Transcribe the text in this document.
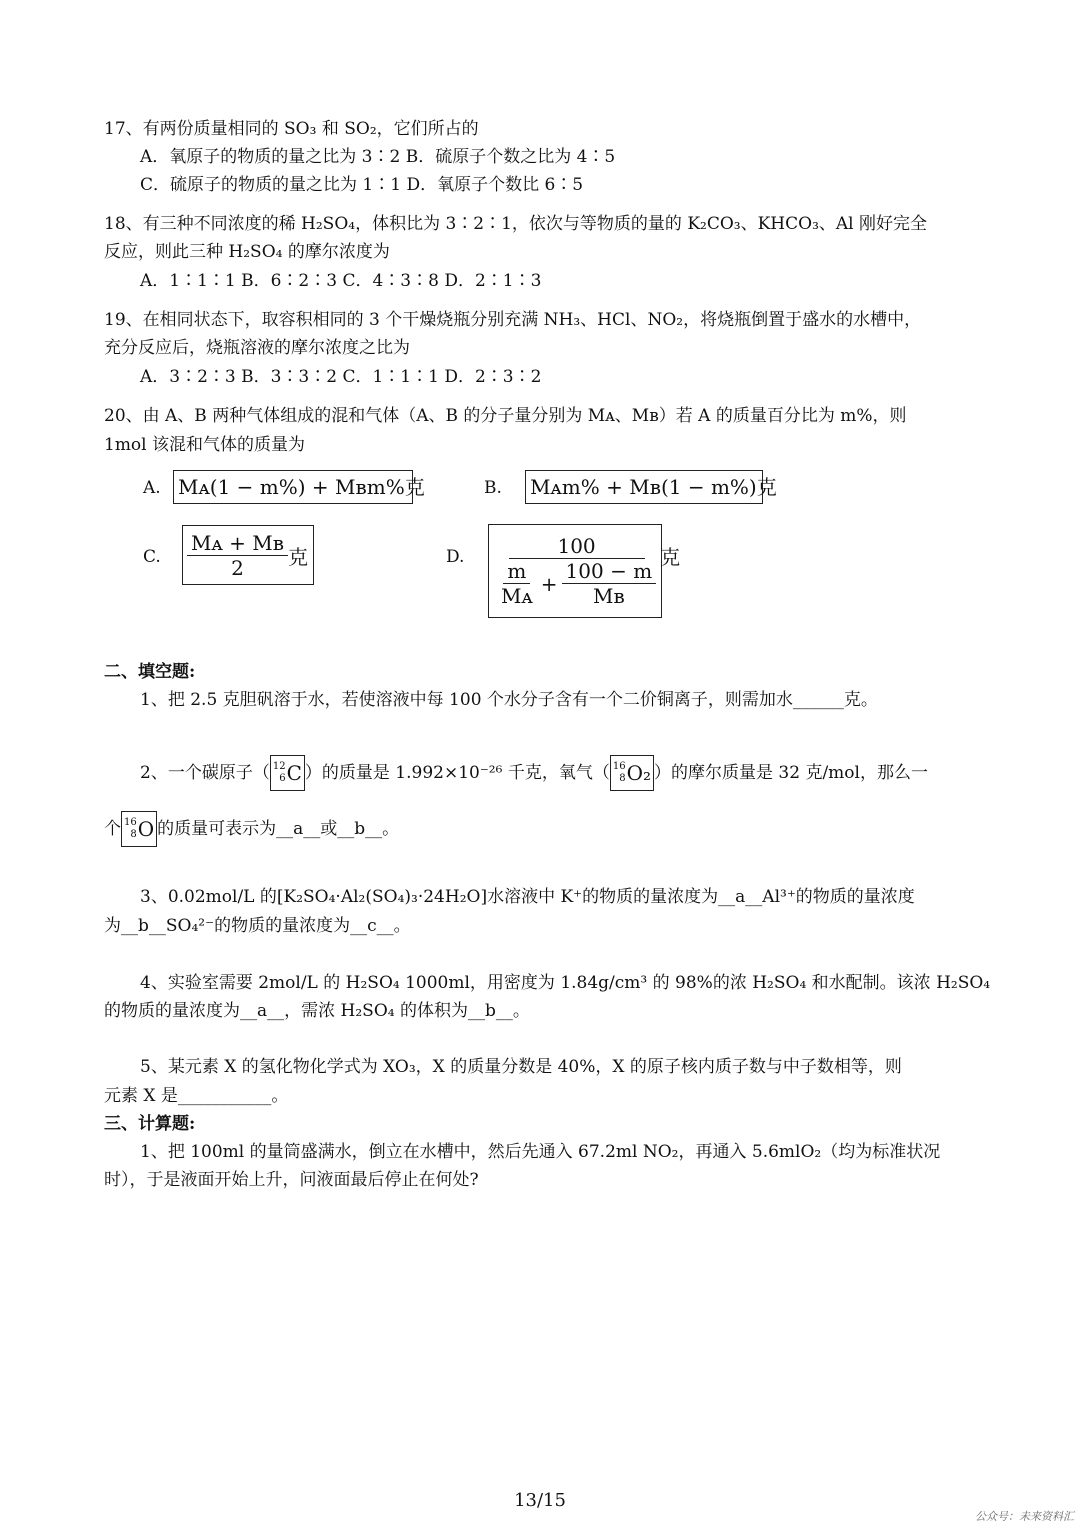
17、有两份质量相同的 SO₃ 和 SO₂，它们所占的
A．氧原子的物质的量之比为 3∶2 B．硫原子个数之比为 4∶5
C．硫原子的物质的量之比为 1∶1 D．氧原子个数比 6∶5
18、有三种不同浓度的稀 H₂SO₄，体积比为 3∶2∶1，依次与等物质的量的 K₂CO₃、KHCO₃、Al 刚好完全
反应，则此三种 H₂SO₄ 的摩尔浓度为
A．1∶1∶1 B．6∶2∶3 C．4∶3∶8 D．2∶1∶3
19、在相同状态下，取容积相同的 3 个干燥烧瓶分别充满 NH₃、HCl、NO₂，将烧瓶倒置于盛水的水槽中，
充分反应后，烧瓶溶液的摩尔浓度之比为
A．3∶2∶3 B．3∶3∶2 C．1∶1∶1 D．2∶3∶2
20、由 A、B 两种气体组成的混和气体（A、B 的分子量分别为 Mᴀ、Mʙ）若 A 的质量百分比为 m%，则
1mol 该混和气体的质量为
A. Mᴀ(1 − m%) + Mʙm%克	B. Mᴀm% + Mʙ(1 − m%)克
C. $\frac{\text{Mᴀ + Mʙ}}{2}$ 克	D.	100
$\frac{m}{\text{Mᴀ}} + \frac{100 - m}{\text{Mʙ}}$
克
二、填空题:
1、把 2.5 克胆矾溶于水，若使溶液中每 100 个水分子含有一个二价铜离子，则需加水______克。
2、一个碳原子（ 12
6 C ）的质量是 1.992×10⁻²⁶ 千克，氧气（ 16
8 O₂ ）的摩尔质量是 32 克/mol，那么一
个 16
8 O 的质量可表示为__a__或__b__。
3、0.02mol/L 的[K₂SO₄·Al₂(SO₄)₃·24H₂O]水溶液中 K⁺的物质的量浓度为__a__Al³⁺的物质的量浓度
为__b__SO₄²⁻的物质的量浓度为__c__。
4、实验室需要 2mol/L 的 H₂SO₄ 1000ml，用密度为 1.84g/cm³ 的 98%的浓 H₂SO₄ 和水配制。该浓 H₂SO₄
的物质的量浓度为__a__，需浓 H₂SO₄ 的体积为__b__。
5、某元素 X 的氢化物化学式为 XO₃，X 的质量分数是 40%，X 的原子核内质子数与中子数相等，则
元素 X 是___________。
三、计算题:
1、把 100ml 的量筒盛满水，倒立在水槽中，然后先通入 67.2ml NO₂，再通入 5.6mlO₂（均为标准状况
时），于是液面开始上升，问液面最后停止在何处?
13/15
公众号：未来资料汇
